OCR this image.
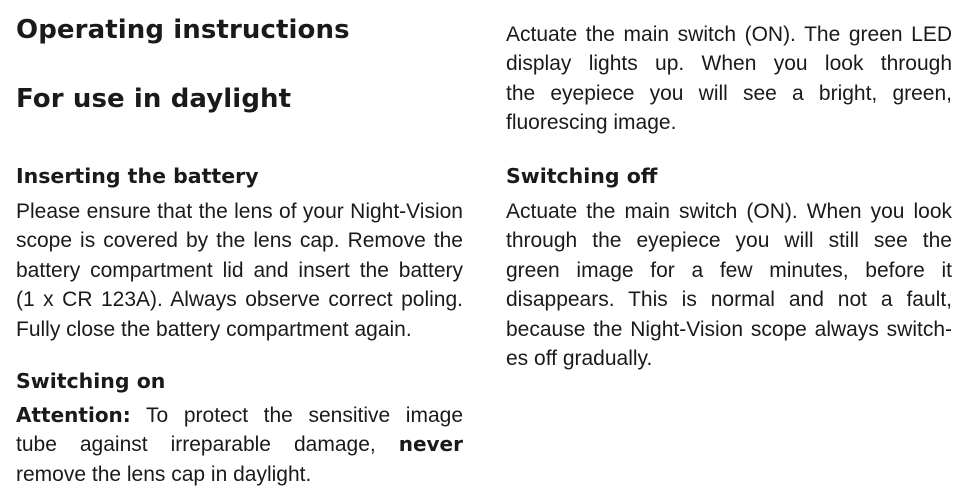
Operating instructions
For use in daylight
Inserting the battery
Please ensure that the lens of your Night-Vision
scope is covered by the lens cap. Remove the
battery compartment lid and insert the battery
(1 x CR 123A). Always observe correct poling.
Fully close the battery compartment again.
Switching on
Attention: To protect the sensitive image
tube against irreparable damage, never
remove the lens cap in daylight.
Actuate the main switch (ON). The green LED
display lights up. When you look through
the eyepiece you will see a bright, green,
fluorescing image.
Switching off
Actuate the main switch (ON). When you look
through the eyepiece you will still see the
green image for a few minutes, before it
disappears. This is normal and not a fault,
because the Night-Vision scope always switch-
es off gradually.
